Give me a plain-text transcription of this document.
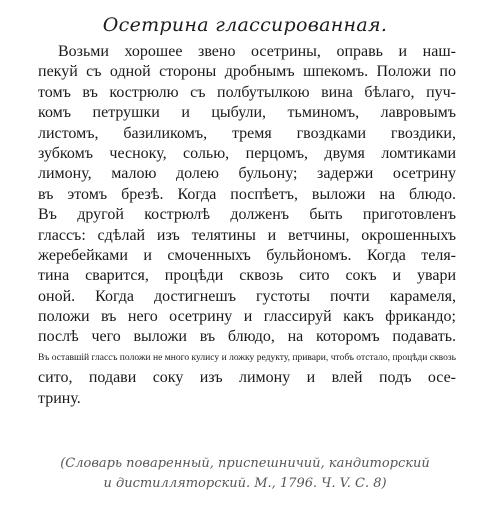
Осетрина глассированная.
Возьми хорошее звено осетрины, оправь и наш-
пекуй съ одной стороны дробнымъ шпекомъ. Положи по
томъ въ кострюлю съ полбутылкою вина бѣлаго, пуч-
комъ петрушки и цыбули, тьминомъ, лавровымъ
листомъ, базиликомъ, тремя гвоздками гвоздики,
зубкомъ чесноку, солью, перцомъ, двумя ломтиками
лимону, малою долею бульону; задержи осетрину
въ этомъ брезѣ. Когда поспѣетъ, выложи на блюдо.
Въ другой кострюлѣ долженъ быть приготовленъ
глассъ: сдѣлай изъ телятины и ветчины, окрошенныхъ
жеребейками и смоченныхъ бульйономъ. Когда теля-
тина сварится, процѣди сквозь сито сокъ и увари
оной. Когда достигнешъ густоты почти карамеля,
положи въ него осетрину и глассируй какъ фрикандо;
послѣ чего выложи въ блюдо, на которомъ подавать.
Въ оставшій глассъ положи не много кулису и ложку редукту, привари, чтобъ отстало, процѣди сквозь
сито, подави соку изъ лимону и влей подъ осе-
трину.
(Словарь поваренный, приспешничий, кандиторский
и дистилляторский. М., 1796. Ч. V. С. 8)
